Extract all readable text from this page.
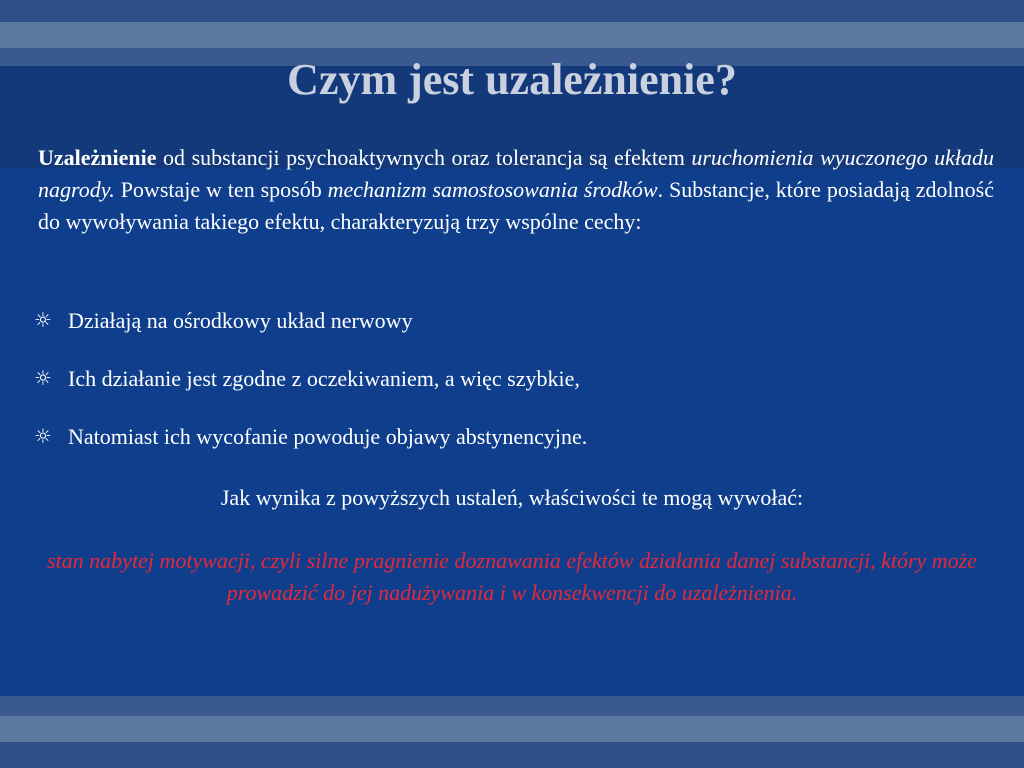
Czym jest uzależnienie?

Uzależnienie od substancji psychoaktywnych oraz tolerancja są efektem uruchomienia wyuczonego układu nagrody. Powstaje w ten sposób mechanizm samostosowania środków. Substancje, które posiadają zdolność do wywoływania takiego efektu, charakteryzują trzy wspólne cechy:

☼ Działają na ośrodkowy układ nerwowy
☼ Ich działanie jest zgodne z oczekiwaniem, a więc szybkie,
☼ Natomiast ich wycofanie powoduje objawy abstynencyjne.

Jak wynika z powyższych ustaleń, właściwości te mogą wywołać:

stan nabytej motywacji, czyli silne pragnienie doznawania efektów działania danej substancji, który może prowadzić do jej nadużywania i w konsekwencji do uzależnienia.
